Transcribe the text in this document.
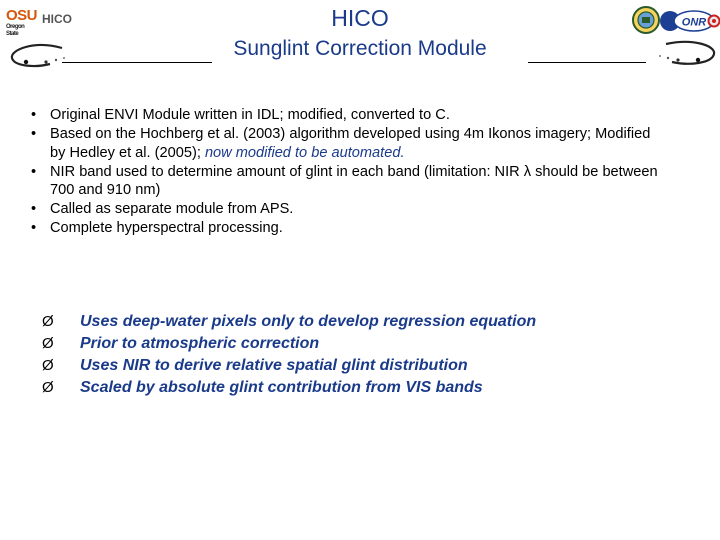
OSU
Oregon State
HICO	HICO
Sunglint Correction Module
ONR
• Original ENVI Module written in IDL; modified, converted to C.
• Based on the Hochberg et al. (2003) algorithm developed using 4m Ikonos imagery; Modified by Hedley et al. (2005); now modified to be automated.
• NIR band used to determine amount of glint in each band (limitation: NIR λ should be between 700 and 910 nm)
• Called as separate module from APS.
• Complete hyperspectral processing.
Ø Uses deep-water pixels only to develop regression equation
Ø Prior to atmospheric correction
Ø Uses NIR to derive relative spatial glint distribution
Ø Scaled by absolute glint contribution from VIS bands
